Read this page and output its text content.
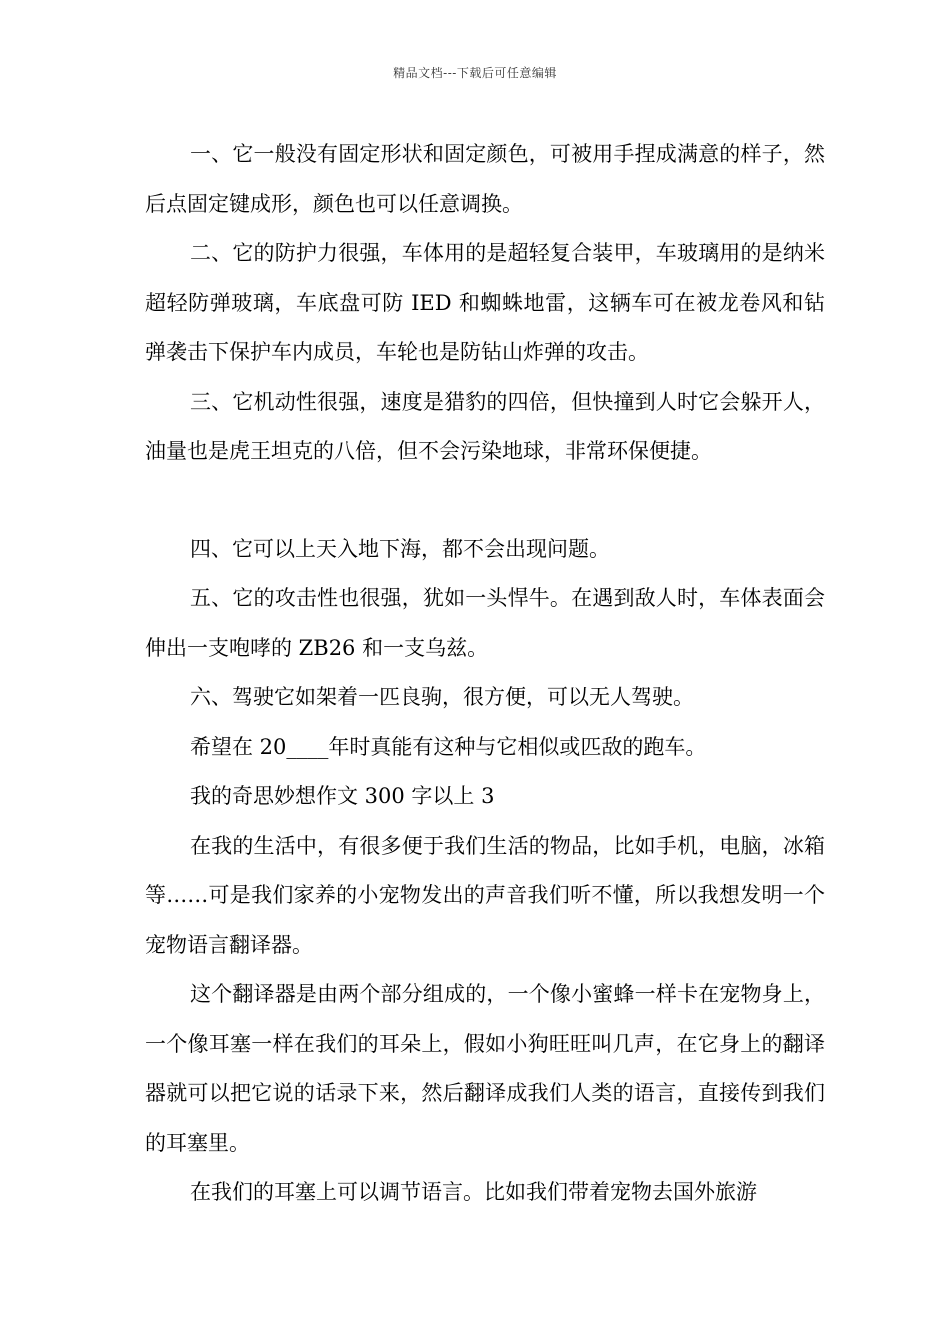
精品文档---下载后可任意编辑

一、它一般没有固定形状和固定颜色，可被用手捏成满意的样子，然后点固定键成形，颜色也可以任意调换。

二、它的防护力很强，车体用的是超轻复合装甲，车玻璃用的是纳米超轻防弹玻璃，车底盘可防 IED 和蜘蛛地雷，这辆车可在被龙卷风和钻弹袭击下保护车内成员，车轮也是防钻山炸弹的攻击。

三、它机动性很强，速度是猎豹的四倍，但快撞到人时它会躲开人，油量也是虎王坦克的八倍，但不会污染地球，非常环保便捷。

四、它可以上天入地下海，都不会出现问题。

五、它的攻击性也很强，犹如一头悍牛。在遇到敌人时，车体表面会伸出一支咆哮的 ZB26 和一支乌兹。

六、驾驶它如架着一匹良驹，很方便，可以无人驾驶。

希望在 20____年时真能有这种与它相似或匹敌的跑车。

我的奇思妙想作文 300 字以上 3

在我的生活中，有很多便于我们生活的物品，比如手机，电脑，冰箱等……可是我们家养的小宠物发出的声音我们听不懂，所以我想发明一个宠物语言翻译器。

这个翻译器是由两个部分组成的，一个像小蜜蜂一样卡在宠物身上，一个像耳塞一样在我们的耳朵上，假如小狗旺旺叫几声，在它身上的翻译器就可以把它说的话录下来，然后翻译成我们人类的语言，直接传到我们的耳塞里。

在我们的耳塞上可以调节语言。比如我们带着宠物去国外旅游
